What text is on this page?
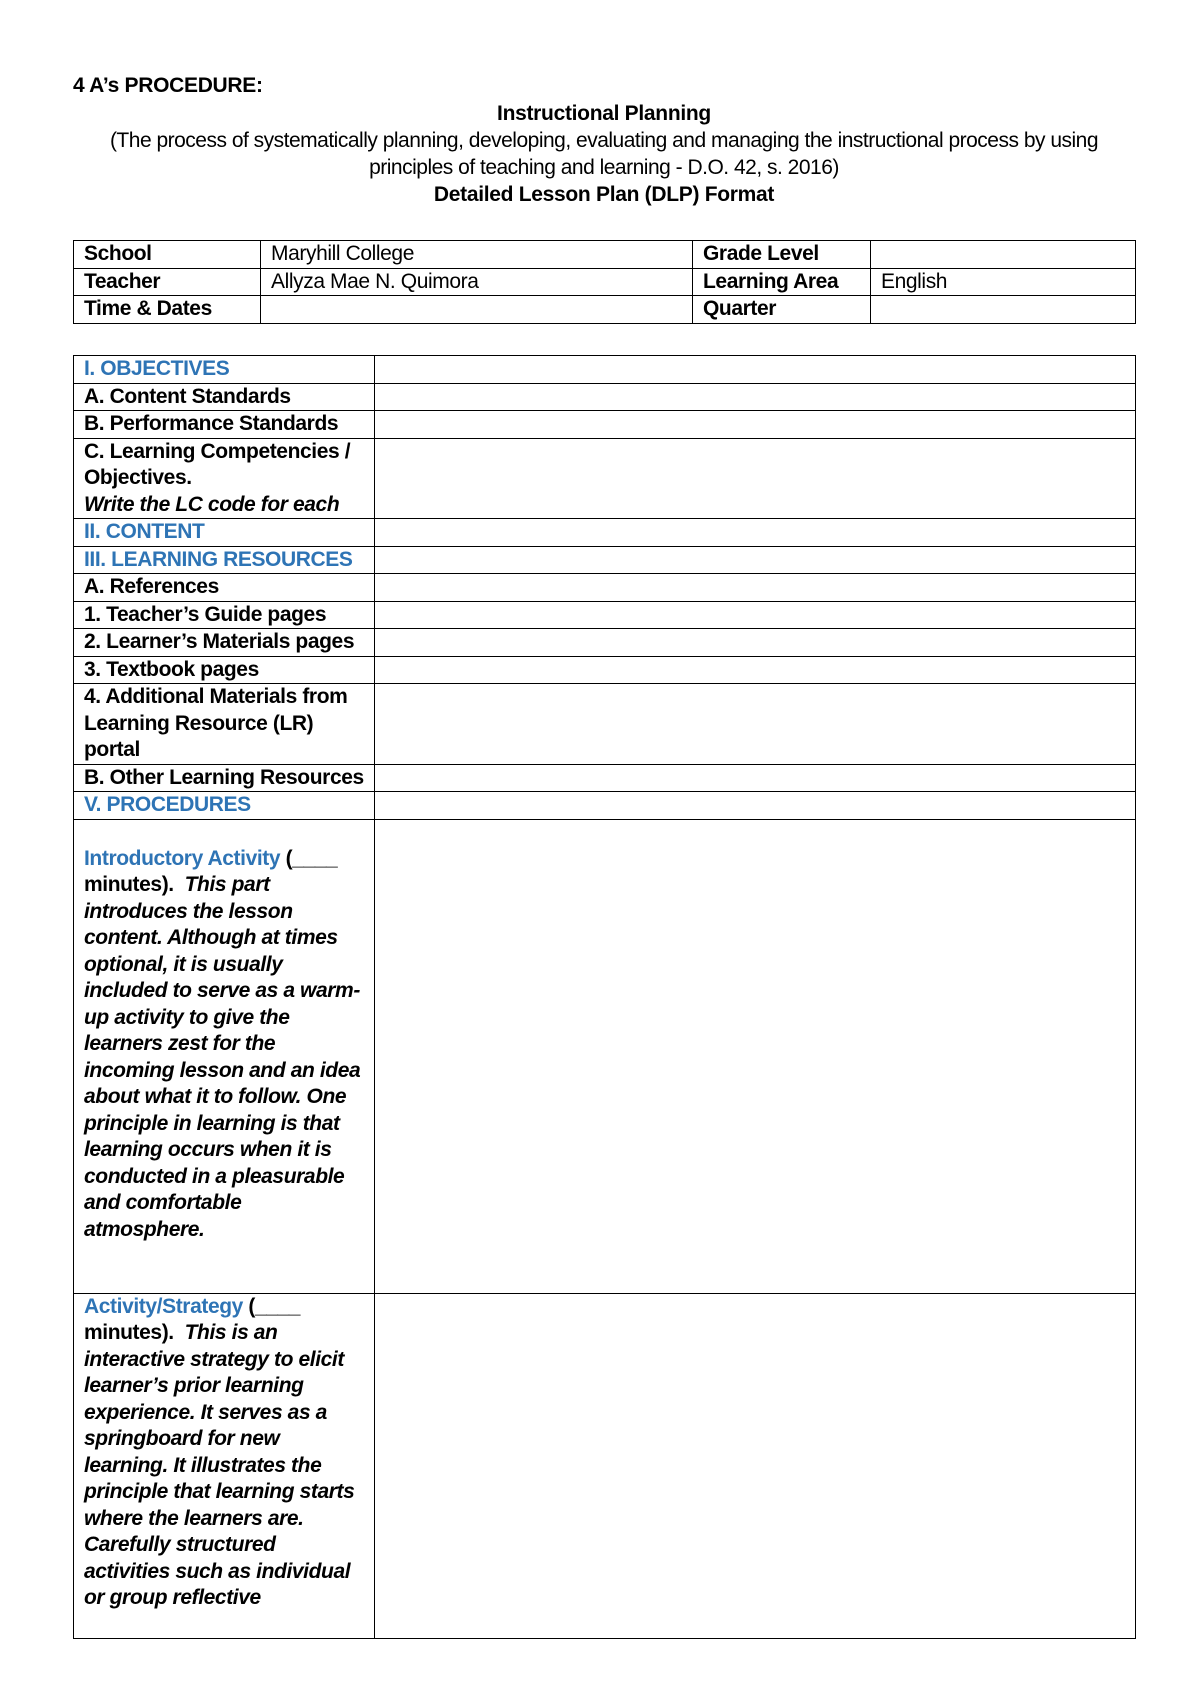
4 A’s PROCEDURE:
Instructional Planning
(The process of systematically planning, developing, evaluating and managing the instructional process by using principles of teaching and learning - D.O. 42, s. 2016)
Detailed Lesson Plan (DLP) Format
School	Maryhill College	Grade Level	
Teacher	Allyza Mae N. Quimora	Learning Area	English
Time & Dates		Quarter	
I. OBJECTIVES	
A. Content Standards	
B. Performance Standards	

C. Learning Competencies / Objectives.
Write the LC code for each	

II. CONTENT	
III. LEARNING RESOURCES	
A. References	
1. Teacher’s Guide pages	
2. Learner’s Materials pages	
3. Textbook pages	
4. Additional Materials from Learning Resource (LR) portal	
B. Other Learning Resources	
V. PROCEDURES	
Introductory Activity (____ minutes). This part introduces the lesson content. Although at times optional, it is usually included to serve as a warm-up activity to give the learners zest for the incoming lesson and an idea about what it to follow. One principle in learning is that learning occurs when it is conducted in a pleasurable and comfortable atmosphere.	
Activity/Strategy (____ minutes). This is an interactive strategy to elicit learner’s prior learning experience. It serves as a springboard for new learning. It illustrates the principle that learning starts where the learners are. Carefully structured activities such as individual or group reflective	
